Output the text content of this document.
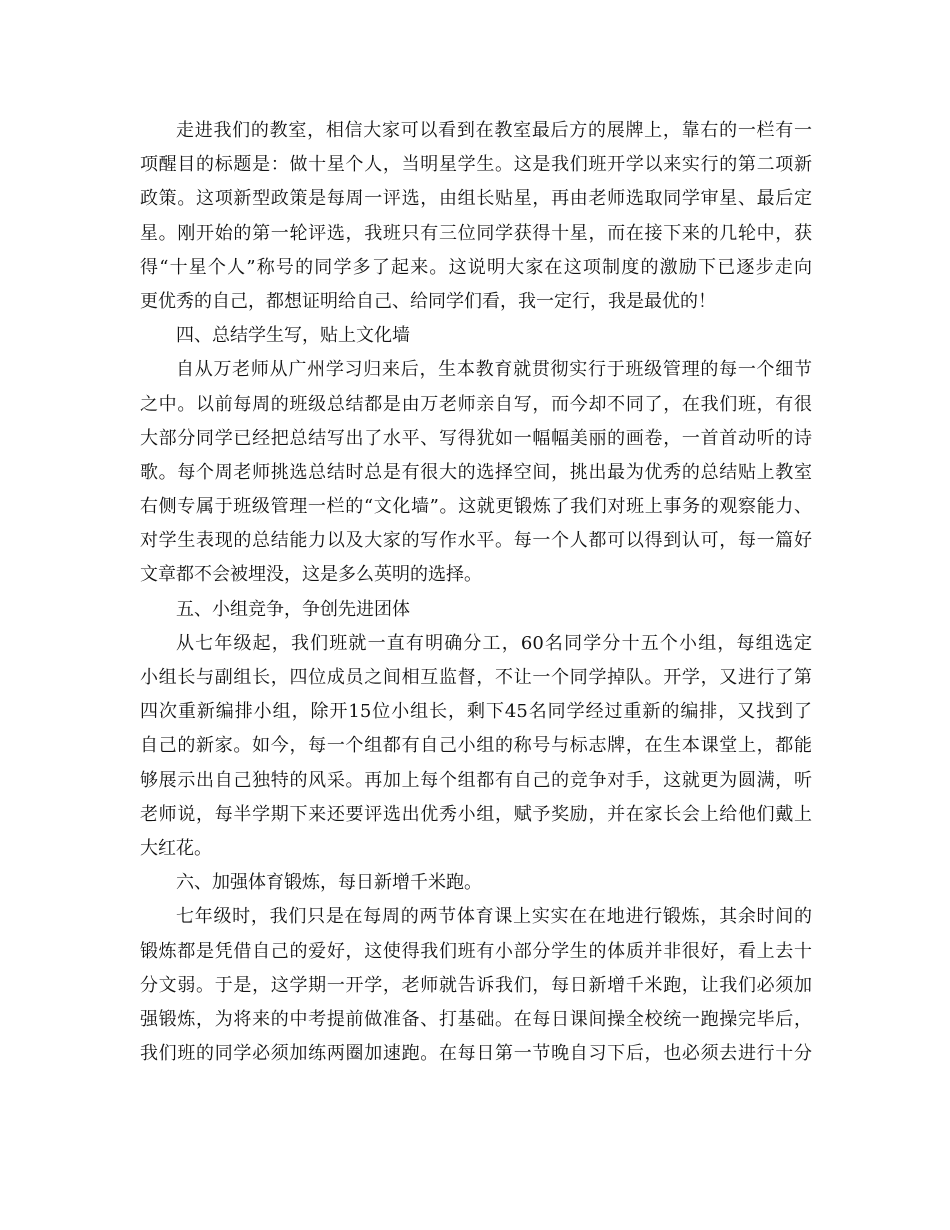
走进我们的教室，相信大家可以看到在教室最后方的展牌上，靠右的一栏有一
项醒目的标题是：做十星个人，当明星学生。这是我们班开学以来实行的第二项新
政策。这项新型政策是每周一评选，由组长贴星，再由老师选取同学审星、最后定
星。刚开始的第一轮评选，我班只有三位同学获得十星，而在接下来的几轮中，获
得“十星个人”称号的同学多了起来。这说明大家在这项制度的激励下已逐步走向
更优秀的自己，都想证明给自己、给同学们看，我一定行，我是最优的！
四、总结学生写，贴上文化墙
自从万老师从广州学习归来后，生本教育就贯彻实行于班级管理的每一个细节
之中。以前每周的班级总结都是由万老师亲自写，而今却不同了，在我们班，有很
大部分同学已经把总结写出了水平、写得犹如一幅幅美丽的画卷，一首首动听的诗
歌。每个周老师挑选总结时总是有很大的选择空间，挑出最为优秀的总结贴上教室
右侧专属于班级管理一栏的“文化墙”。这就更锻炼了我们对班上事务的观察能力、
对学生表现的总结能力以及大家的写作水平。每一个人都可以得到认可，每一篇好
文章都不会被埋没，这是多么英明的选择。
五、小组竞争，争创先进团体
从七年级起，我们班就一直有明确分工，60名同学分十五个小组，每组选定
小组长与副组长，四位成员之间相互监督，不让一个同学掉队。开学，又进行了第
四次重新编排小组，除开15位小组长，剩下45名同学经过重新的编排，又找到了
自己的新家。如今，每一个组都有自己小组的称号与标志牌，在生本课堂上，都能
够展示出自己独特的风采。再加上每个组都有自己的竞争对手，这就更为圆满，听
老师说，每半学期下来还要评选出优秀小组，赋予奖励，并在家长会上给他们戴上
大红花。
六、加强体育锻炼，每日新增千米跑。
七年级时，我们只是在每周的两节体育课上实实在在地进行锻炼，其余时间的
锻炼都是凭借自己的爱好，这使得我们班有小部分学生的体质并非很好，看上去十
分文弱。于是，这学期一开学，老师就告诉我们，每日新增千米跑，让我们必须加
强锻炼，为将来的中考提前做准备、打基础。在每日课间操全校统一跑操完毕后，
我们班的同学必须加练两圈加速跑。在每日第一节晚自习下后，也必须去进行十分
